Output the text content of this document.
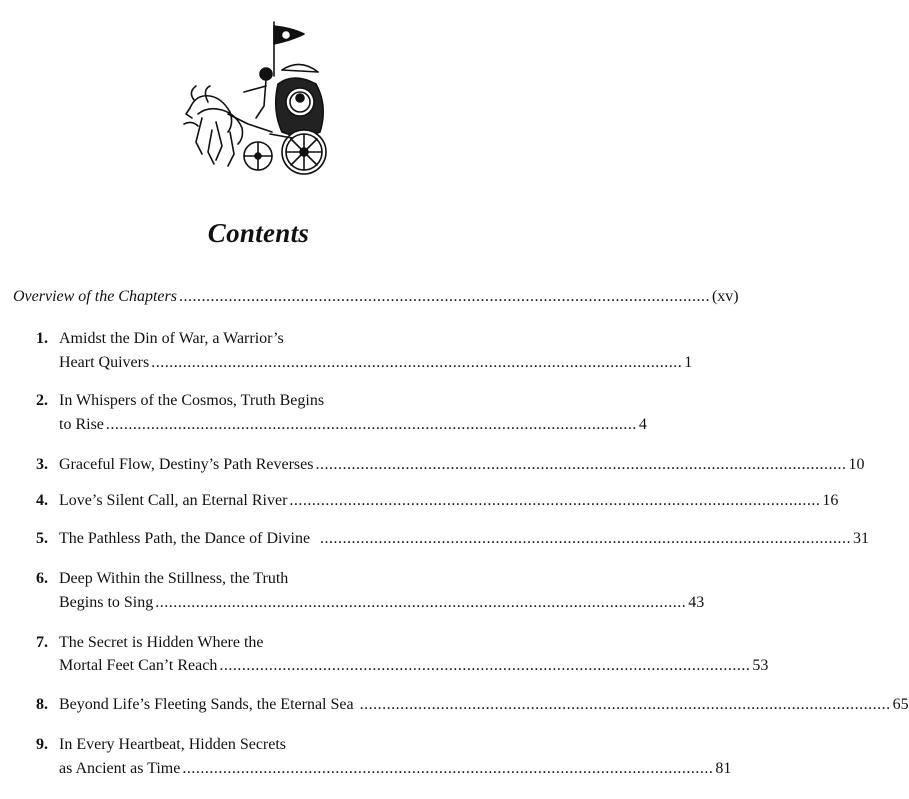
Contents
Overview of the Chapters ...................................................................................................................... (xv)
1. Amidst the Din of War, a Warrior’s
Heart Quivers ...................................................................................................................... 1
2. In Whispers of the Cosmos, Truth Begins
to Rise ...................................................................................................................... 4
3. Graceful Flow, Destiny’s Path Reverses ...................................................................................................................... 10
4. Love’s Silent Call, an Eternal River ...................................................................................................................... 16
5. The Pathless Path, the Dance of Divine ...................................................................................................................... 31
6. Deep Within the Stillness, the Truth
Begins to Sing ...................................................................................................................... 43
7. The Secret is Hidden Where the
Mortal Feet Can’t Reach ...................................................................................................................... 53
8. Beyond Life’s Fleeting Sands, the Eternal Sea ...................................................................................................................... 65
9. In Every Heartbeat, Hidden Secrets
as Ancient as Time ...................................................................................................................... 81
